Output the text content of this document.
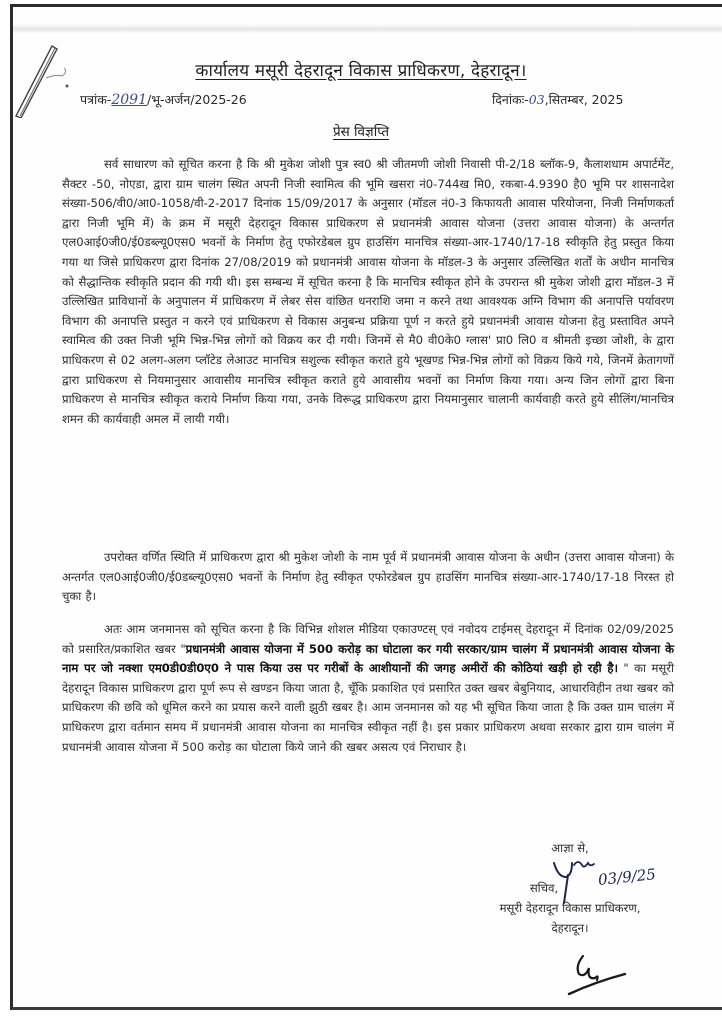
कार्यालय मसूरी देहरादून विकास प्राधिकरण, देहरादून।
पत्रांक-2091/भू-अर्जन/2025-26	दिनांकः-03,सितम्बर, 2025
प्रेस विज्ञप्ति

सर्व साधारण को सूचित करना है कि श्री मुकेश जोशी पुत्र स्व0 श्री जीतमणी जोशी निवासी पी-2/18 ब्लॉक-9, कैलाशधाम अपार्टमेंट, सैक्टर -50, नोएडा, द्वारा ग्राम चालंग स्थित अपनी निजी स्वामित्व की भूमि खसरा नं0-744ख मि0, रकबा-4.9390 है0 भूमि पर शासनादेश संख्या-506/वी0/आ0-1058/वी-2-2017 दिनांक 15/09/2017 के अनुसार (मॉडल नं0-3 किफायती आवास परियोजना, निजी निर्माणकर्ता द्वारा निजी भूमि में) के क्रम में मसूरी देहरादून विकास प्राधिकरण से प्रधानमंत्री आवास योजना (उत्तरा आवास योजना) के अन्तर्गत एल0आई0जी0/ई0डब्ल्यू0एस0 भवनों के निर्माण हेतु एफोरडेबल ग्रुप हाउसिंग मानचित्र संख्या-आर-1740/17-18 स्वीकृति हेतु प्रस्तुत किया गया था जिसे प्राधिकरण द्वारा दिनांक 27/08/2019 को प्रधानमंत्री आवास योजना के मॉडल-3 के अनुसार उल्लिखित शर्तों के अधीन मानचित्र को सैद्धान्तिक स्वीकृति प्रदान की गयी थी। इस सम्बन्ध में सूचित करना है कि मानचित्र स्वीकृत होने के उपरान्त श्री मुकेश जोशी द्वारा मॉडल-3 में उल्लिखित प्राविधानों के अनुपालन में प्राधिकरण में लेबर सेस वांछित धनराशि जमा न करने तथा आवश्यक अग्नि विभाग की अनापत्ति पर्यावरण विभाग की अनापत्ति प्रस्तुत न करने एवं प्राधिकरण से विकास अनुबन्ध प्रक्रिया पूर्ण न करते हुये प्रधानमंत्री आवास योजना हेतु प्रस्तावित अपने स्वामित्व की उक्त निजी भूमि भिन्न-भिन्न लोगों को विक्रय कर दी गयी। जिनमें से मै0 वी0के0 ग्लास' प्रा0 लि0 व श्रीमती इच्छा जोशी, के द्वारा प्राधिकरण से 02 अलग-अलग प्लॉटेड लेआउट मानचित्र सशुल्क स्वीकृत कराते हुये भूखण्ड भिन्न-भिन्न लोगों को विक्रय किये गये, जिनमें क्रेतागणों द्वारा प्राधिकरण से नियमानुसार आवासीय मानचित्र स्वीकृत कराते हुये आवासीय भवनों का निर्माण किया गया। अन्य जिन लोगों द्वारा बिना प्राधिकरण से मानचित्र स्वीकृत कराये निर्माण किया गया, उनके विरूद्ध प्राधिकरण द्वारा नियमानुसार चालानी कार्यवाही करते हुये सीलिंग/मानचित्र शमन की कार्यवाही अमल में लायी गयी।

उपरोक्त वर्णित स्थिति में प्राधिकरण द्वारा श्री मुकेश जोशी के नाम पूर्व में प्रधानमंत्री आवास योजना के अधीन (उत्तरा आवास योजना) के अन्तर्गत एल0आई0जी0/ई0डब्ल्यू0एस0 भवनों के निर्माण हेतु स्वीकृत एफोरडेबल ग्रुप हाउसिंग मानचित्र संख्या-आर-1740/17-18 निरस्त हो चुका है।

अतः आम जनमानस को सूचित करना है कि विभिन्न शोशल मीडिया एकाउण्टस् एवं नवोदय टाईमस् देहरादून में दिनांक 02/09/2025 को प्रसारित/प्रकाशित खबर "प्रधानमंत्री आवास योजना में 500 करोड़ का घोटाला कर गयी सरकार/ग्राम चालंग में प्रधानमंत्री आवास योजना के नाम पर जो नक्शा एम0डी0डी0ए0 ने पास किया उस पर गरीबों के आशीयानों की जगह अमीरों की कोठियां खड़ी हो रही है। " का मसूरी देहरादून विकास प्राधिकरण द्वारा पूर्ण रूप से खण्डन किया जाता है, चूँकि प्रकाशित एवं प्रसारित उक्त खबर बेबुनियाद, आधारविहीन तथा खबर को प्राधिकरण की छवि को धूमिल करने का प्रयास करने वाली झुठी खबर है। आम जनमानस को यह भी सूचित किया जाता है कि उक्त ग्राम चालंग में प्राधिकरण द्वारा वर्तमान समय में प्रधानमंत्री आवास योजना का मानचित्र स्वीकृत नहीं है। इस प्रकार प्राधिकरण अथवा सरकार द्वारा ग्राम चालंग में प्रधानमंत्री आवास योजना में 500 करोड़ का घोटाला किये जाने की खबर असत्य एवं निराधार है।

आज्ञा से,
सचिव,
मसूरी देहरादून विकास प्राधिकरण,
देहरादून।
03/9/25
